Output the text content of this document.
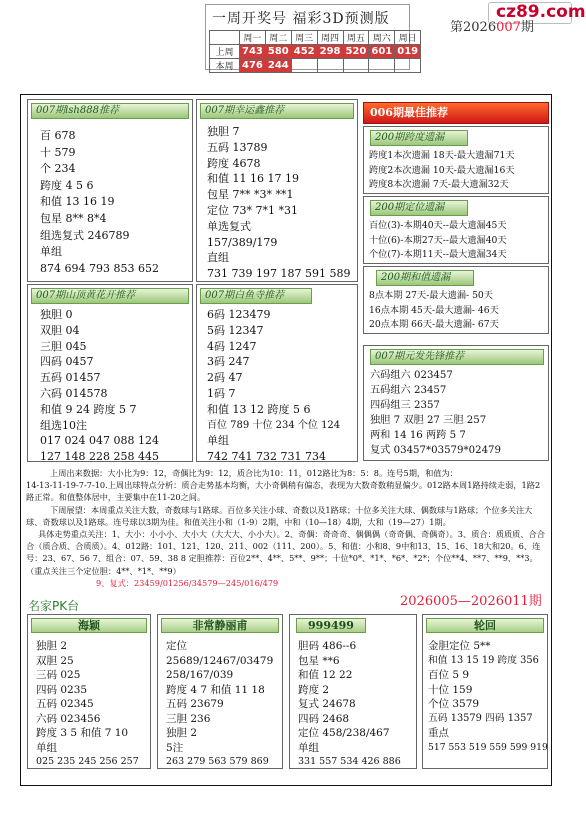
一周开奖号 福彩3D预测版
	周一	周二	周三	周四	周五	周六	周日
上周	743	580	452	298	520	601	019
本周	476	244					
cz89.com
第2026007期
007期lsh888推荐
百 678
十 579
个 234
跨度 4 5 6
和值 13 16 19
包星 8** 8*4
组选复式 246789
单组
874 694 793 853 652
007期幸运鑫推荐
独胆 7
五码 13789
跨度 4678
和值 11 16 17 19
包星 7** *3* **1
定位 73* 7*1 *31
单选复式
157/389/179
直组
731 739 197 187 591 589
006期最佳推荐
200期跨度遗漏
跨度1本次遗漏 18天-最大遗漏71天
跨度2本次遗漏 10天-最大遗漏16天
跨度8本次遗漏 7天-最大遗漏32天
200期定位遗漏
百位(3)-本期40天--最大遗漏45天
十位(6)-本期27天--最大遗漏40天
个位(7)-本期11天--最大遗漏34天
200期和值遗漏
8点本期 27天-最大遗漏- 50天
16点本期 45天-最大遗漏- 46天
20点本期 66天-最大遗漏- 67天
007期山顶黄花开推荐
独胆 0
双胆 04
三胆 045
四码 0457
五码 01457
六码 014578
和值 9 24 跨度 5 7
组选10注
017 024 047 088 124
127 148 228 258 445
007期白鱼寺推荐
6码 123479
5码 12347
4码 1247
3码 247
2码 47
1码 7
和值 13 12 跨度 5 6
百位 789 十位 234 个位 124
单组
742 741 732 731 734
007期元发先锋推荐
六码组六 023457
五码组六 23457
四码组三 2357
独胆 7 双胆 27 三胆 257
两和 14 16 两跨 5 7
复式 03457*03579*02479
上周出来数据：大小比为9：12，奇偶比为9：12，质合比为10：11，012路比为8：5：8。连号5期，和值为：
14-13-11-19-7-7-10.上周出球特点分析：质合走势基本均衡，大小奇偶稍有偏态，表现为大数奇数稍显偏少。012路本周1路持续走弱，1路2路正常。和值整体居中，主要集中在11-20之间。
下周展望：本周重点关注大数，奇数球与1路球。百位多关注小球、奇数以及1路球；十位多关注大球、偶数球与1路球；个位多关注大球、奇数球以及1路球。连号球以3期为佳。和值关注小和（1-9）2期，中和（10—18）4期，大和（19—27）1期。
具体走势重点关注：1、大小：小小小、大小大（大大大、小小大）。2、奇偶：奇奇奇、偶偶偶（奇奇偶、奇偶奇）。3、质合：质质质、合合合（质合质、合质质）。4、012路：101、121、120、211、002（111、200）。5、和值：小和8、9中和13、15、16、18大和20。6、连号：23、67、56 7、组合：07、59、38 8 定胆推荐：百位2**、4**、5**、9**；十位*0*、*1*、*6*、*2*；个位**4、**7、**9、**3。（重点关注三个定位胆：4**、*1*、**9）
9、复式：23459/01256/34579—245/016/479
名家PK台	2026005—2026011期
海颖
独胆 2
双胆 25
三码 025
四码 0235
五码 02345
六码 023456
跨度 3 5 和值 7 10
单组
025 235 245 256 257
非常静丽甫
定位
25689/12467/03479
258/167/039
跨度 4 7 和值 11 18
五码 23679
三胆 236
独胆 2
5注
263 279 563 579 869
999499
胆码 486--6
包星 **6
和值 12 22
跨度 2
复式 24678
四码 2468
定位 458/238/467
单组
331 557 534 426 886
轮回
金胆定位 5**
和值 13 15 19 跨度 356
百位 5 9
十位 159
个位 3579
五码 13579 四码 1357
重点
517 553 519 559 599 919
